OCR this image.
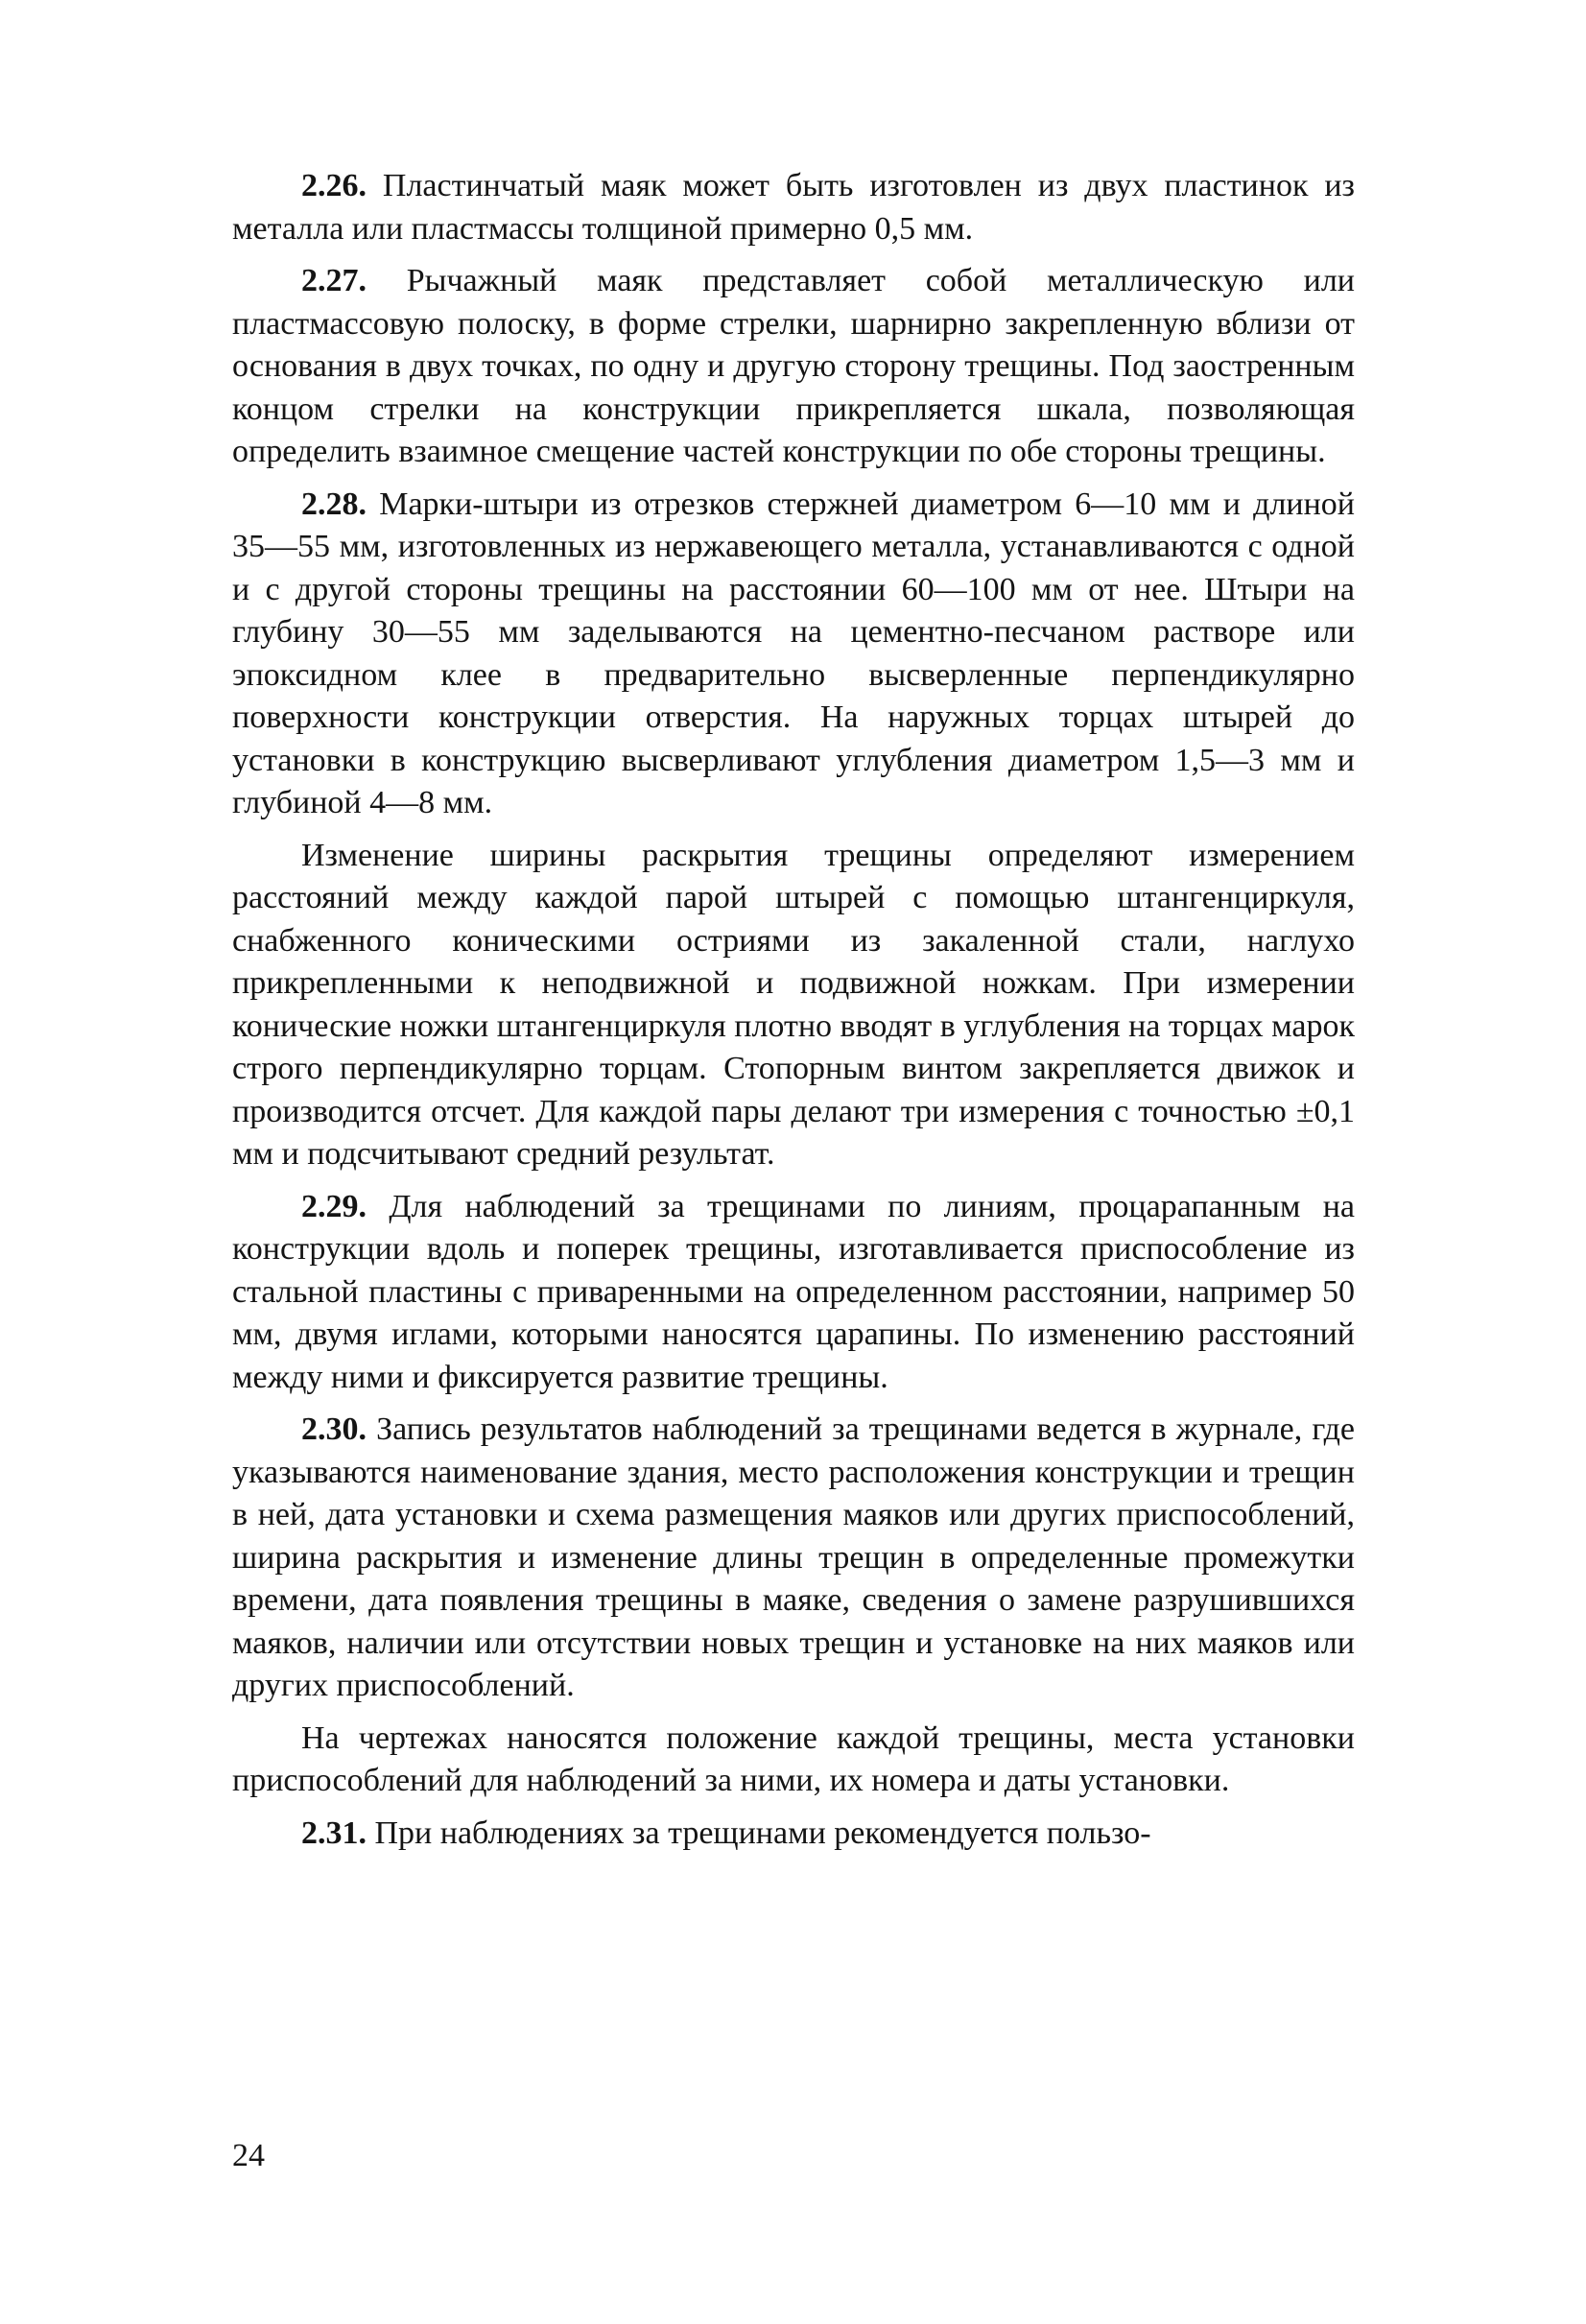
2.26. Пластинчатый маяк может быть изготовлен из двух пластинок из металла или пластмассы толщиной примерно 0,5 мм.

2.27. Рычажный маяк представляет собой металлическую или пластмассовую полоску, в форме стрелки, шарнирно закрепленную вблизи от основания в двух точках, по одну и другую сторону трещины. Под заостренным концом стрелки на конструкции прикрепляется шкала, позволяющая определить взаимное смещение частей конструкции по обе стороны трещины.

2.28. Марки-штыри из отрезков стержней диаметром 6—10 мм и длиной 35—55 мм, изготовленных из нержавеющего металла, устанавливаются с одной и с другой стороны трещины на расстоянии 60—100 мм от нее. Штыри на глубину 30—55 мм заделываются на цементно-песчаном растворе или эпоксидном клее в предварительно высверленные перпендикулярно поверхности конструкции отверстия. На наружных торцах штырей до установки в конструкцию высверливают углубления диаметром 1,5—3 мм и глубиной 4—8 мм.

Изменение ширины раскрытия трещины определяют измерением расстояний между каждой парой штырей с помощью штангенциркуля, снабженного коническими остриями из закаленной стали, наглухо прикрепленными к неподвижной и подвижной ножкам. При измерении конические ножки штангенциркуля плотно вводят в углубления на торцах марок строго перпендикулярно торцам. Стопорным винтом закрепляется движок и производится отсчет. Для каждой пары делают три измерения с точностью ±0,1 мм и подсчитывают средний результат.

2.29. Для наблюдений за трещинами по линиям, процарапанным на конструкции вдоль и поперек трещины, изготавливается приспособление из стальной пластины с приваренными на определенном расстоянии, например 50 мм, двумя иглами, которыми наносятся царапины. По изменению расстояний между ними и фиксируется развитие трещины.

2.30. Запись результатов наблюдений за трещинами ведется в журнале, где указываются наименование здания, место расположения конструкции и трещин в ней, дата установки и схема размещения маяков или других приспособлений, ширина раскрытия и изменение длины трещин в определенные промежутки времени, дата появления трещины в маяке, сведения о замене разрушившихся маяков, наличии или отсутствии новых трещин и установке на них маяков или других приспособлений.

На чертежах наносятся положение каждой трещины, места установки приспособлений для наблюдений за ними, их номера и даты установки.

2.31. При наблюдениях за трещинами рекомендуется пользо-

24
